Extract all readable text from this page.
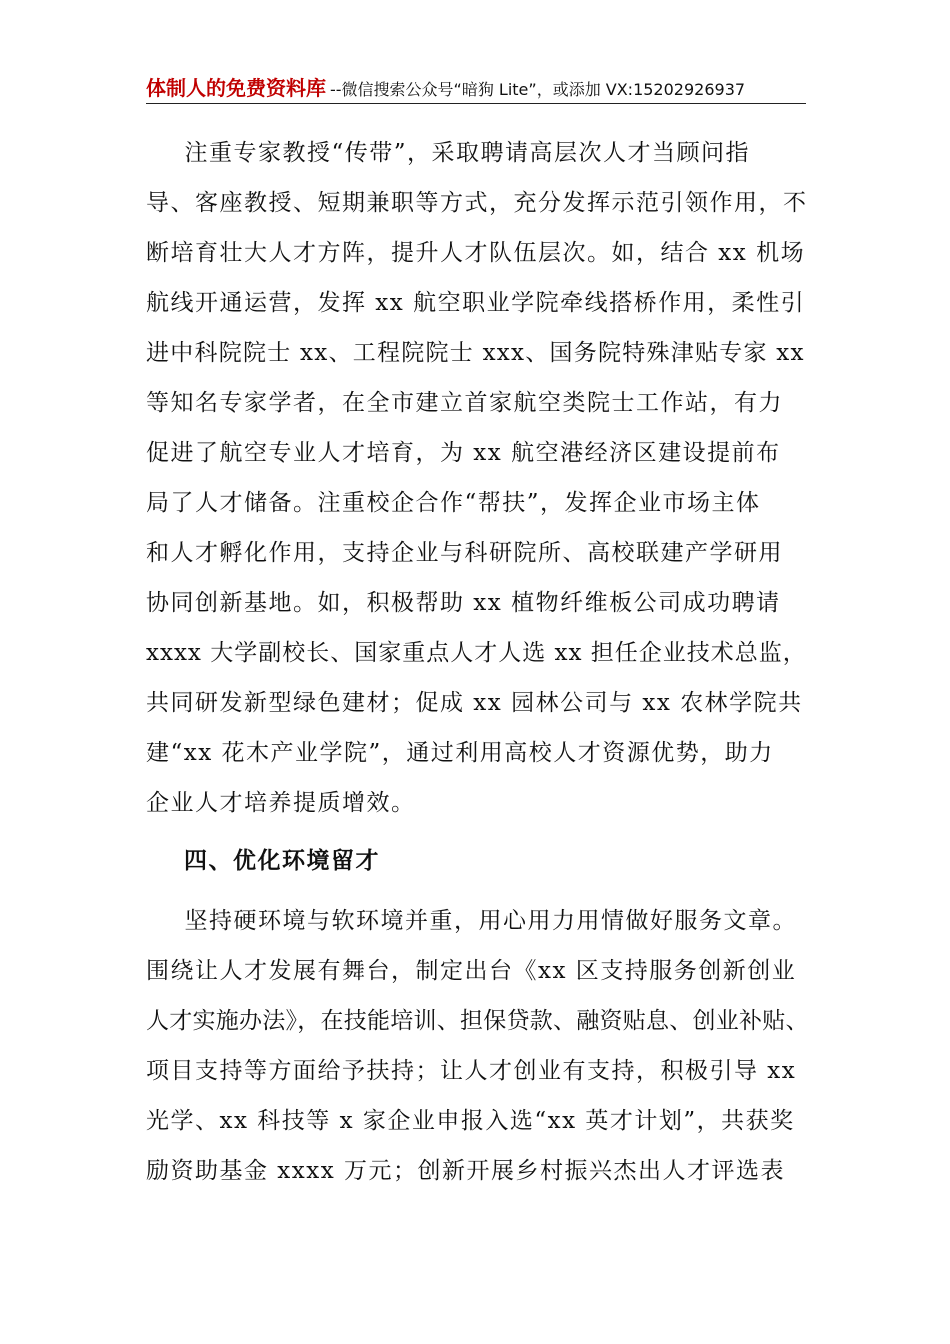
体制人的免费资料库 --微信搜索公众号“暗狗 Lite”，或添加 VX:15202926937
　注重专家教授“传带”，采取聘请高层次人才当顾问指
导、客座教授、短期兼职等方式，充分发挥示范引领作用，不
断培育壮大人才方阵，提升人才队伍层次。如，结合 xx 机场
航线开通运营，发挥 xx 航空职业学院牵线搭桥作用，柔性引
进中科院院士 xx、工程院院士 xxx、国务院特殊津贴专家 xx
等知名专家学者，在全市建立首家航空类院士工作站，有力
促进了航空专业人才培育，为 xx 航空港经济区建设提前布
局了人才储备。注重校企合作“帮扶”，发挥企业市场主体
和人才孵化作用，支持企业与科研院所、高校联建产学研用
协同创新基地。如，积极帮助 xx 植物纤维板公司成功聘请
xxxx 大学副校长、国家重点人才人选 xx 担任企业技术总监，
共同研发新型绿色建材；促成 xx 园林公司与 xx 农林学院共
建“xx 花木产业学院”，通过利用高校人才资源优势，助力
企业人才培养提质增效。
四、优化环境留才
　坚持硬环境与软环境并重，用心用力用情做好服务文章。
围绕让人才发展有舞台，制定出台《xx 区支持服务创新创业
人才实施办法》，在技能培训、担保贷款、融资贴息、创业补贴、
项目支持等方面给予扶持；让人才创业有支持，积极引导 xx
光学、xx 科技等 x 家企业申报入选“xx 英才计划”，共获奖
励资助基金 xxxx 万元；创新开展乡村振兴杰出人才评选表
